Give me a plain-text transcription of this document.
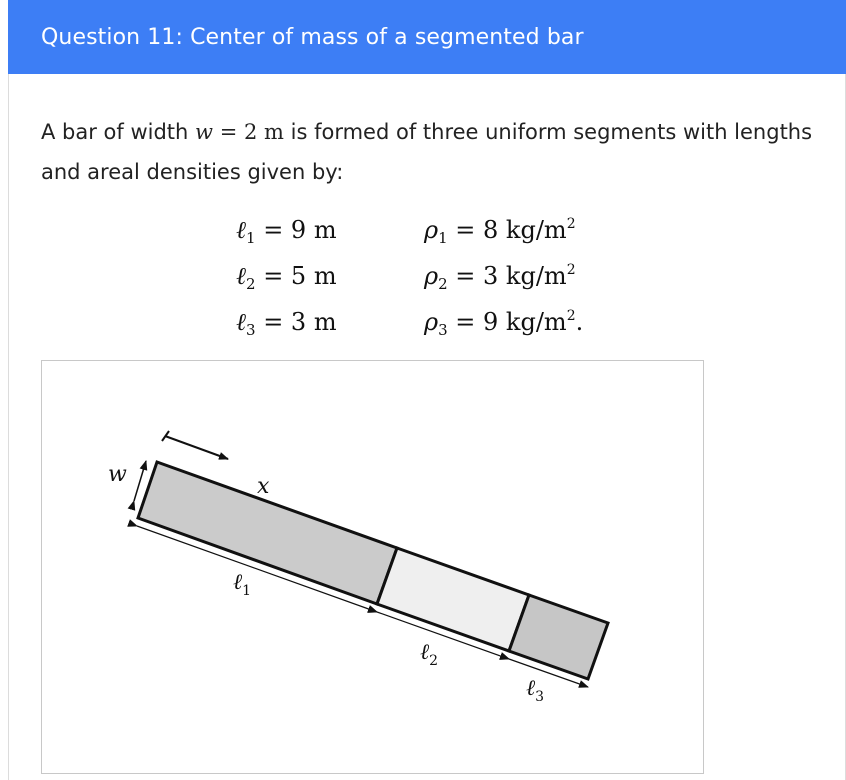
Question 11: Center of mass of a segmented bar
A bar of width w = 2 m is formed of three uniform segments with lengths and areal densities given by:
ℓ$_1$ = 9 m	$\rho_1 = 8$ $kg/m^2$
ℓ$_2$ = 5 m	$\rho_2 = 3$ $kg/m^2$
ℓ$_3$ = 3 m	$\rho_3 = 9$ $kg/m^2$.
w	x
ℓ$_1$
ℓ$_2$
ℓ$_3$
